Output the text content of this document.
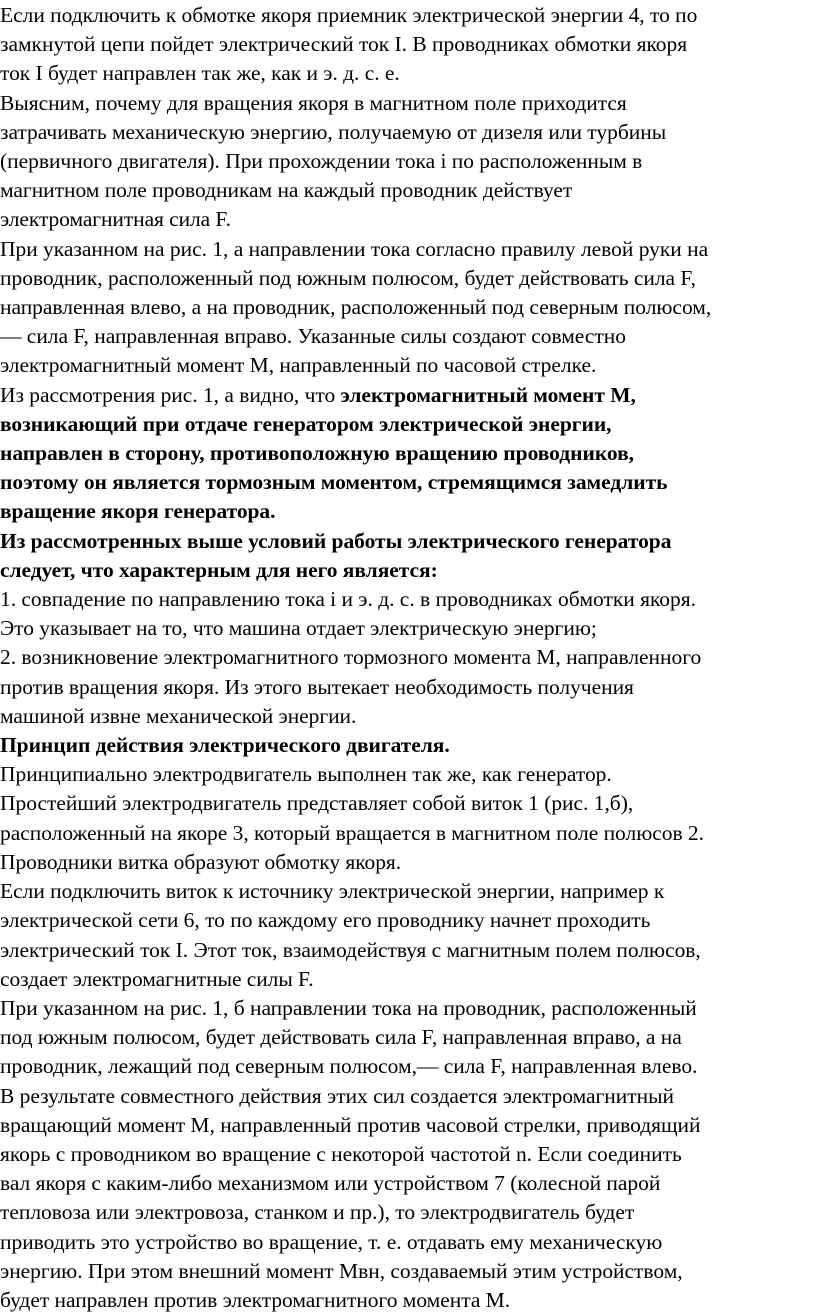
Если подключить к обмотке якоря приемник электрической энергии 4, то по
замкнутой цепи пойдет электрический ток I. В проводниках обмотки якоря
ток I будет направлен так же, как и э. д. с. е.
Выясним, почему для вращения якоря в магнитном поле приходится
затрачивать механическую энергию, получаемую от дизеля или турбины
(первичного двигателя). При прохождении тока i по расположенным в
магнитном поле проводникам на каждый проводник действует
электромагнитная сила F.
При указанном на рис. 1, а направлении тока согласно правилу левой руки на
проводник, расположенный под южным полюсом, будет действовать сила F,
направленная влево, а на проводник, расположенный под северным полюсом,
— сила F, направленная вправо. Указанные силы создают совместно
электромагнитный момент М, направленный по часовой стрелке.
Из рассмотрения рис. 1, а видно, что электромагнитный момент М,
возникающий при отдаче генератором электрической энергии,
направлен в сторону, противоположную вращению проводников,
поэтому он является тормозным моментом, стремящимся замедлить
вращение якоря генератора.
Из рассмотренных выше условий работы электрического генератора
следует, что характерным для него является:
1. совпадение по направлению тока i и э. д. с. в проводниках обмотки якоря.
Это указывает на то, что машина отдает электрическую энергию;
2. возникновение электромагнитного тормозного момента М, направленного
против вращения якоря. Из этого вытекает необходимость получения
машиной извне механической энергии.
Принцип действия электрического двигателя.
Принципиально электродвигатель выполнен так же, как генератор.
Простейший электродвигатель представляет собой виток 1 (рис. 1,б),
расположенный на якоре 3, который вращается в магнитном поле полюсов 2.
Проводники витка образуют обмотку якоря.
Если подключить виток к источнику электрической энергии, например к
электрической сети 6, то по каждому его проводнику начнет проходить
электрический ток I. Этот ток, взаимодействуя с магнитным полем полюсов,
создает электромагнитные силы F.
При указанном на рис. 1, б направлении тока на проводник, расположенный
под южным полюсом, будет действовать сила F, направленная вправо, а на
проводник, лежащий под северным полюсом,— сила F, направленная влево.
В результате совместного действия этих сил создается электромагнитный
вращающий момент М, направленный против часовой стрелки, приводящий
якорь с проводником во вращение с некоторой частотой n. Если соединить
вал якоря с каким-либо механизмом или устройством 7 (колесной парой
тепловоза или электровоза, станком и пр.), то электродвигатель будет
приводить это устройство во вращение, т. е. отдавать ему механическую
энергию. При этом внешний момент Мвн, создаваемый этим устройством,
будет направлен против электромагнитного момента М.
